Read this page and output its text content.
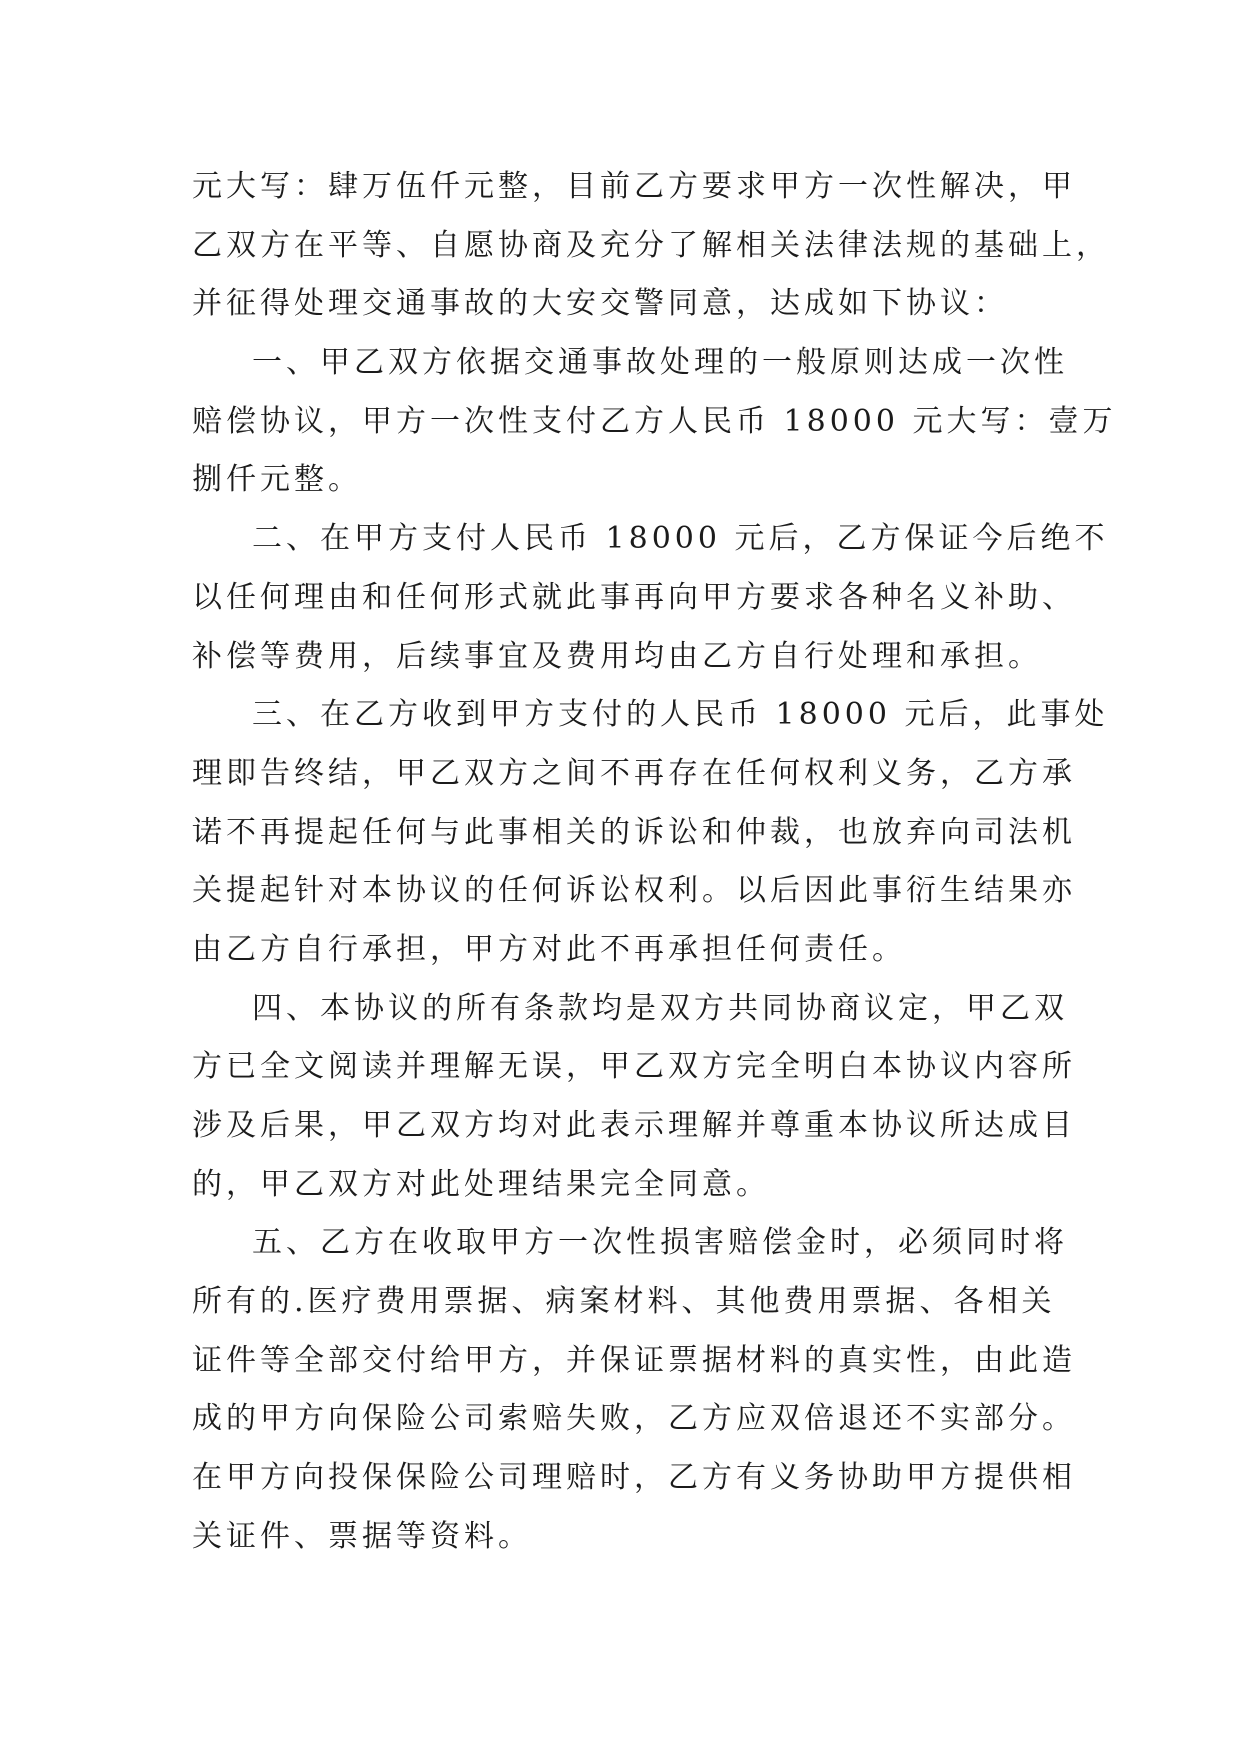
元大写：肆万伍仟元整，目前乙方要求甲方一次性解决，甲
乙双方在平等、自愿协商及充分了解相关法律法规的基础上，
并征得处理交通事故的大安交警同意，达成如下协议：
一、甲乙双方依据交通事故处理的一般原则达成一次性
赔偿协议，甲方一次性支付乙方人民币 18000 元大写：壹万
捌仟元整。
二、在甲方支付人民币 18000 元后，乙方保证今后绝不
以任何理由和任何形式就此事再向甲方要求各种名义补助、
补偿等费用，后续事宜及费用均由乙方自行处理和承担。
三、在乙方收到甲方支付的人民币 18000 元后，此事处
理即告终结，甲乙双方之间不再存在任何权利义务，乙方承
诺不再提起任何与此事相关的诉讼和仲裁，也放弃向司法机
关提起针对本协议的任何诉讼权利。以后因此事衍生结果亦
由乙方自行承担，甲方对此不再承担任何责任。
四、本协议的所有条款均是双方共同协商议定，甲乙双
方已全文阅读并理解无误，甲乙双方完全明白本协议内容所
涉及后果，甲乙双方均对此表示理解并尊重本协议所达成目
的，甲乙双方对此处理结果完全同意。
五、乙方在收取甲方一次性损害赔偿金时，必须同时将
所有的.医疗费用票据、病案材料、其他费用票据、各相关
证件等全部交付给甲方，并保证票据材料的真实性，由此造
成的甲方向保险公司索赔失败，乙方应双倍退还不实部分。
在甲方向投保保险公司理赔时，乙方有义务协助甲方提供相
关证件、票据等资料。
